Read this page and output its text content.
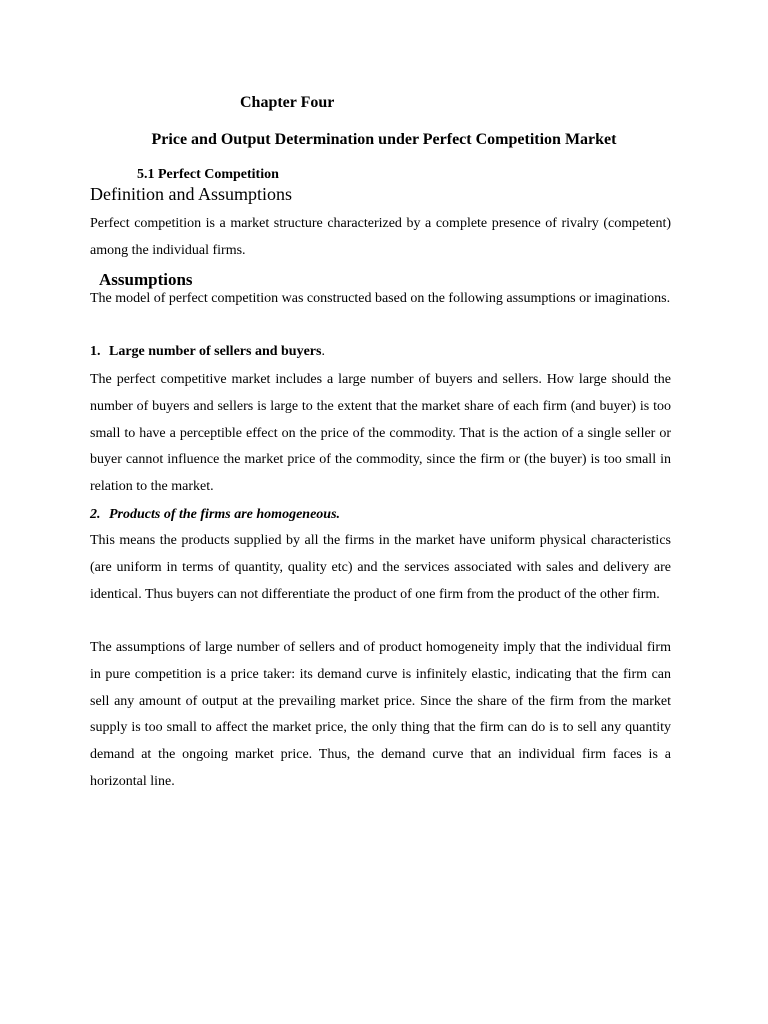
Chapter Four
Price and Output Determination under Perfect Competition Market
5.1 Perfect Competition
Definition and Assumptions

Perfect competition is a market structure characterized by a complete presence of rivalry (competent) among the individual firms.

Assumptions

The model of perfect competition was constructed based on the following assumptions or imaginations.

1. Large number of sellers and buyers.

The perfect competitive market includes a large number of buyers and sellers. How large should the number of buyers and sellers is large to the extent that the market share of each firm (and buyer) is too small to have a perceptible effect on the price of the commodity. That is the action of a single seller or buyer cannot influence the market price of the commodity, since the firm or (the buyer) is too small in relation to the market.

2. Products of the firms are homogeneous.

This means the products supplied by all the firms in the market have uniform physical characteristics (are uniform in terms of quantity, quality etc) and the services associated with sales and delivery are identical. Thus buyers can not differentiate the product of one firm from the product of the other firm.

The assumptions of large number of sellers and of product homogeneity imply that the individual firm in pure competition is a price taker: its demand curve is infinitely elastic, indicating that the firm can sell any amount of output at the prevailing market price. Since the share of the firm from the market supply is too small to affect the market price, the only thing that the firm can do is to sell any quantity demand at the ongoing market price. Thus, the demand curve that an individual firm faces is a horizontal line.
